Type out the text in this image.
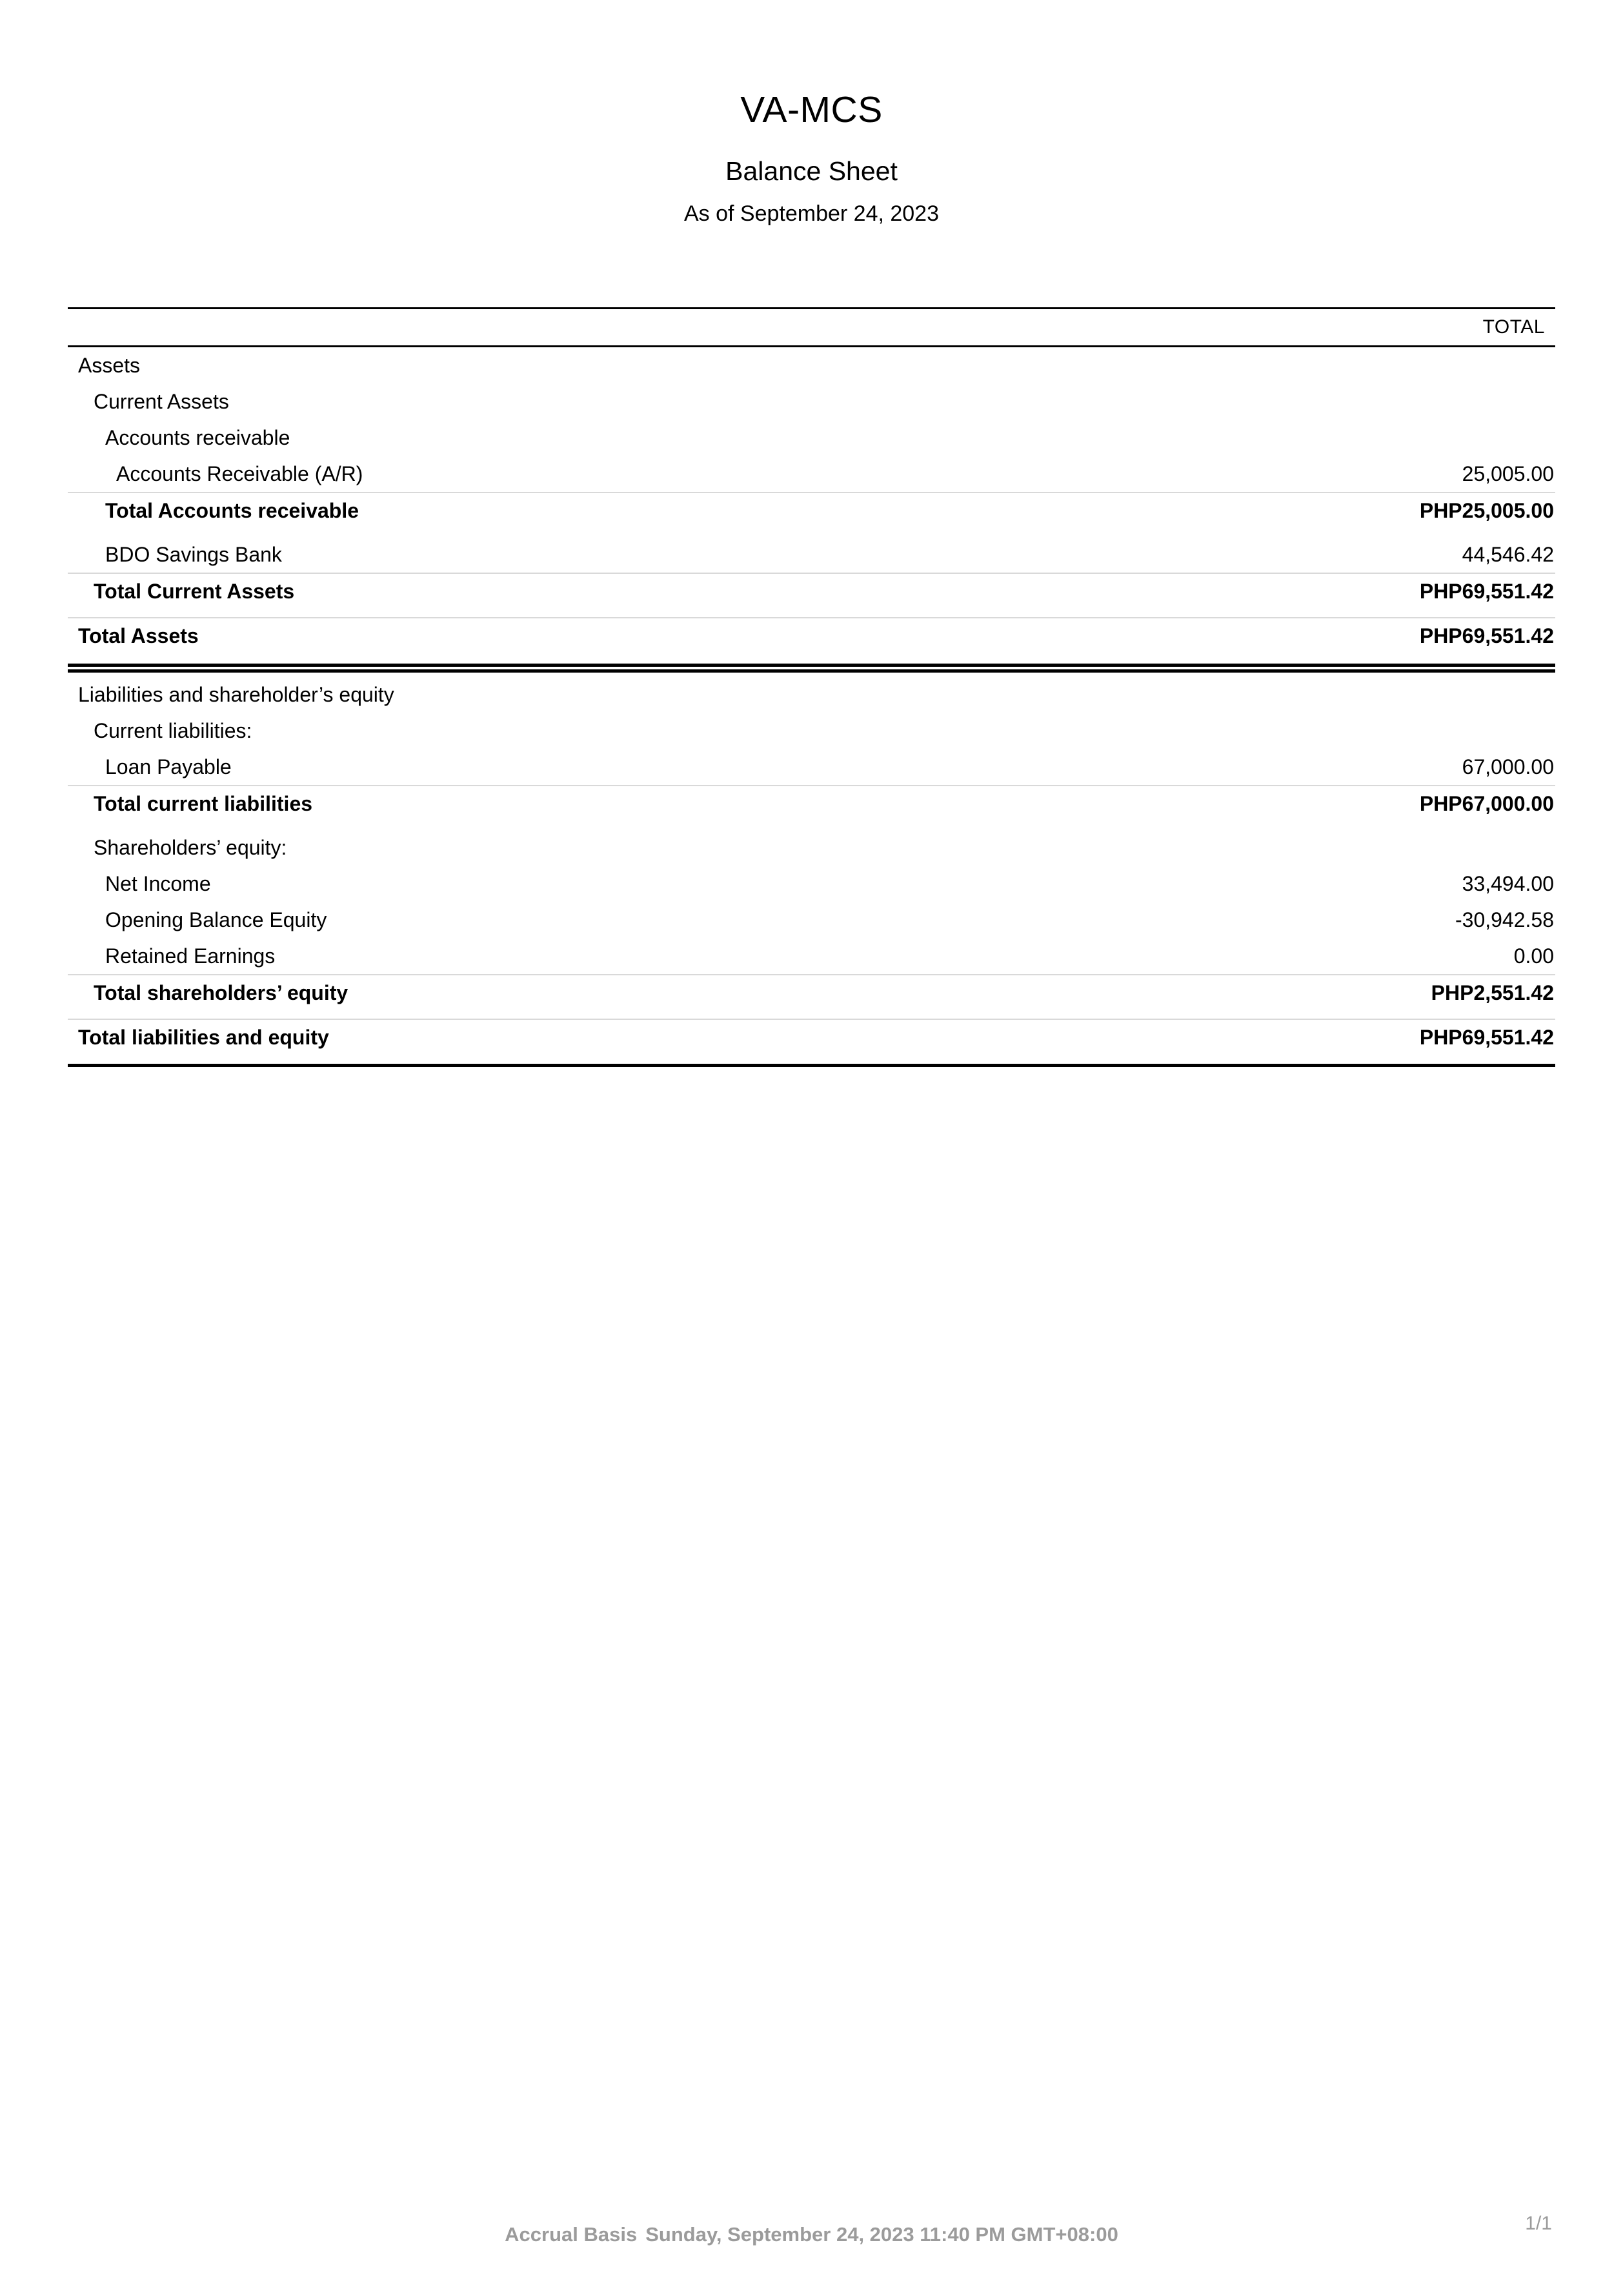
VA-MCS
Balance Sheet
As of September 24, 2023
TOTAL
Assets
Current Assets
Accounts receivable
Accounts Receivable (A/R)	25,005.00
Total Accounts receivable	PHP25,005.00
BDO Savings Bank	44,546.42
Total Current Assets	PHP69,551.42
Total Assets	PHP69,551.42
Liabilities and shareholder’s equity
Current liabilities:
Loan Payable	67,000.00
Total current liabilities	PHP67,000.00
Shareholders’ equity:
Net Income	33,494.00
Opening Balance Equity	-30,942.58
Retained Earnings	0.00
Total shareholders’ equity	PHP2,551.42
Total liabilities and equity	PHP69,551.42
Accrual Basis Sunday, September 24, 2023 11:40 PM GMT+08:00	1/1
